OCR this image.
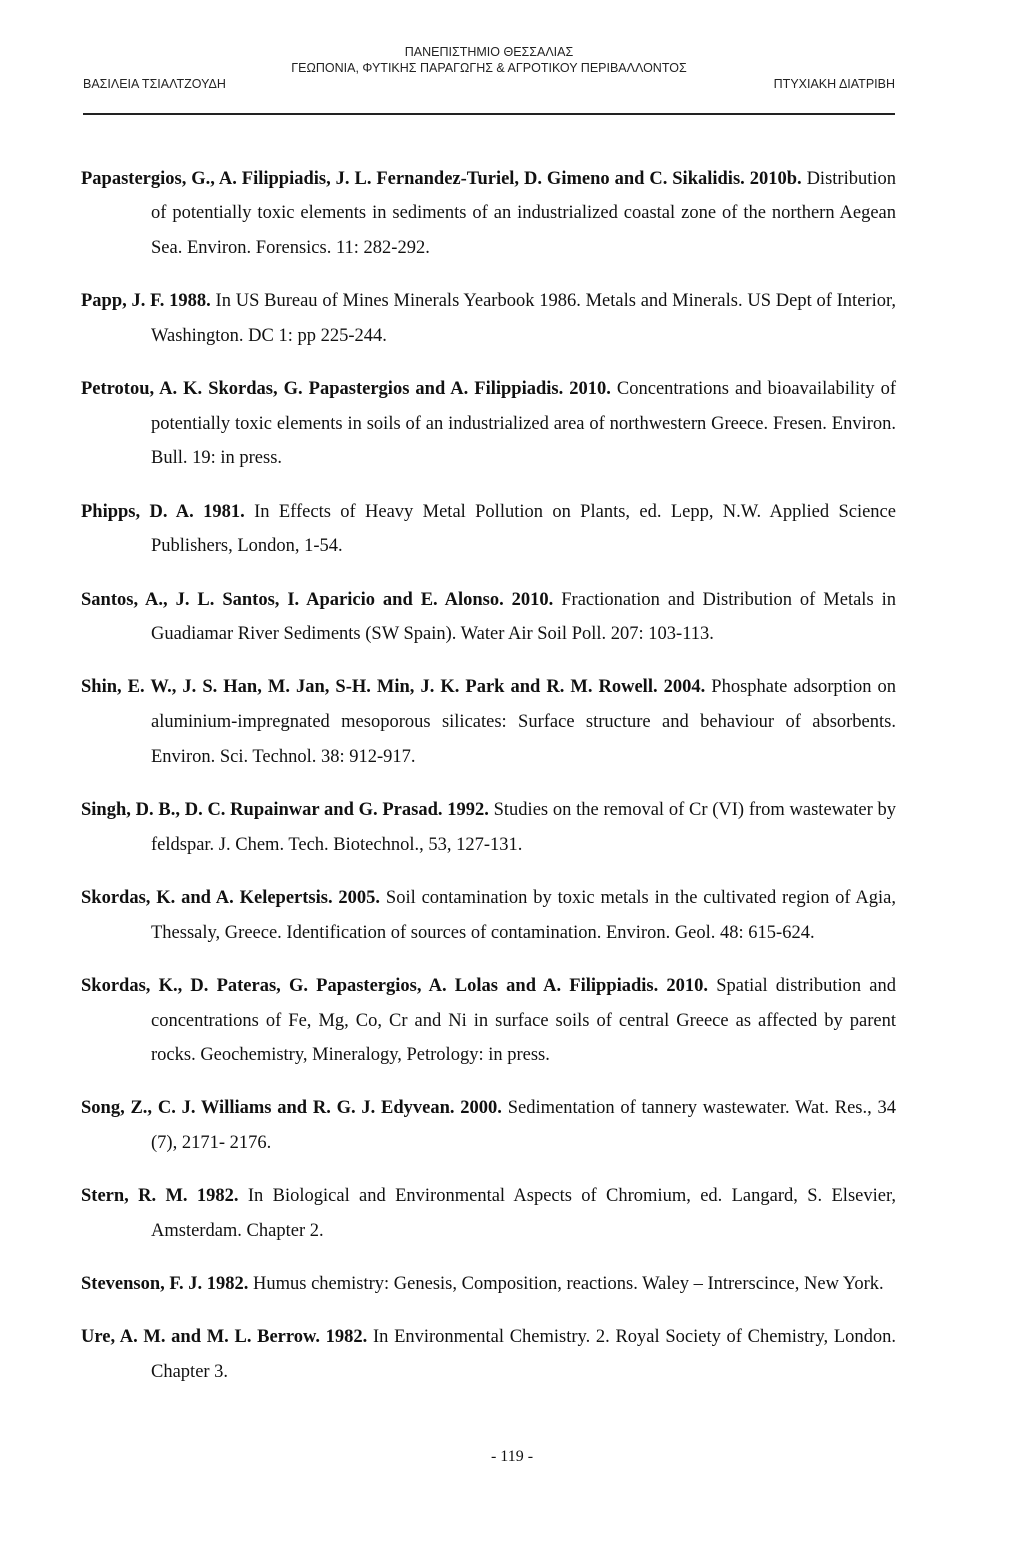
ΠΑΝΕΠΙΣΤΗΜΙΟ ΘΕΣΣΑΛΙΑΣ
ΓΕΩΠΟΝΙΑ, ΦΥΤΙΚΗΣ ΠΑΡΑΓΩΓΗΣ & ΑΓΡΟΤΙΚΟΥ ΠΕΡΙΒΑΛΛΟΝΤΟΣ
ΒΑΣΙΛΕΙΑ ΤΣΙΑΛΤΖΟΥΔΗ	ΠΤΥΧΙΑΚΗ ΔΙΑΤΡΙΒΗ

Papastergios, G., A. Filippiadis, J. L. Fernandez-Turiel, D. Gimeno and C. Sikalidis. 2010b. Distribution of potentially toxic elements in sediments of an industrialized coastal zone of the northern Aegean Sea. Environ. Forensics. 11: 282-292.

Papp, J. F. 1988. In US Bureau of Mines Minerals Yearbook 1986. Metals and Minerals. US Dept of Interior, Washington. DC 1: pp 225-244.

Petrotou, A. K. Skordas, G. Papastergios and A. Filippiadis. 2010. Concentrations and bioavailability of potentially toxic elements in soils of an industrialized area of northwestern Greece. Fresen. Environ. Bull. 19: in press.

Phipps, D. A. 1981. In Effects of Heavy Metal Pollution on Plants, ed. Lepp, N.W. Applied Science Publishers, London, 1-54.

Santos, A., J. L. Santos, I. Aparicio and E. Alonso. 2010. Fractionation and Distribution of Metals in Guadiamar River Sediments (SW Spain). Water Air Soil Poll. 207: 103-113.

Shin, E. W., J. S. Han, M. Jan, S-H. Min, J. K. Park and R. M. Rowell. 2004. Phosphate adsorption on aluminium-impregnated mesoporous silicates: Surface structure and behaviour of absorbents. Environ. Sci. Technol. 38: 912-917.

Singh, D. B., D. C. Rupainwar and G. Prasad. 1992. Studies on the removal of Cr (VI) from wastewater by feldspar. J. Chem. Tech. Biotechnol., 53, 127-131.

Skordas, K. and A. Kelepertsis. 2005. Soil contamination by toxic metals in the cultivated region of Agia, Thessaly, Greece. Identification of sources of contamination. Environ. Geol. 48: 615-624.

Skordas, K., D. Pateras, G. Papastergios, A. Lolas and A. Filippiadis. 2010. Spatial distribution and concentrations of Fe, Mg, Co, Cr and Ni in surface soils of central Greece as affected by parent rocks. Geochemistry, Mineralogy, Petrology: in press.

Song, Z., C. J. Williams and R. G. J. Edyvean. 2000. Sedimentation of tannery wastewater. Wat. Res., 34 (7), 2171- 2176.

Stern, R. M. 1982. In Biological and Environmental Aspects of Chromium, ed. Langard, S. Elsevier, Amsterdam. Chapter 2.

Stevenson, F. J. 1982. Humus chemistry: Genesis, Composition, reactions. Waley – Intrerscince, New York.

Ure, A. M. and M. L. Berrow. 1982. In Environmental Chemistry. 2. Royal Society of Chemistry, London. Chapter 3.

- 119 -
